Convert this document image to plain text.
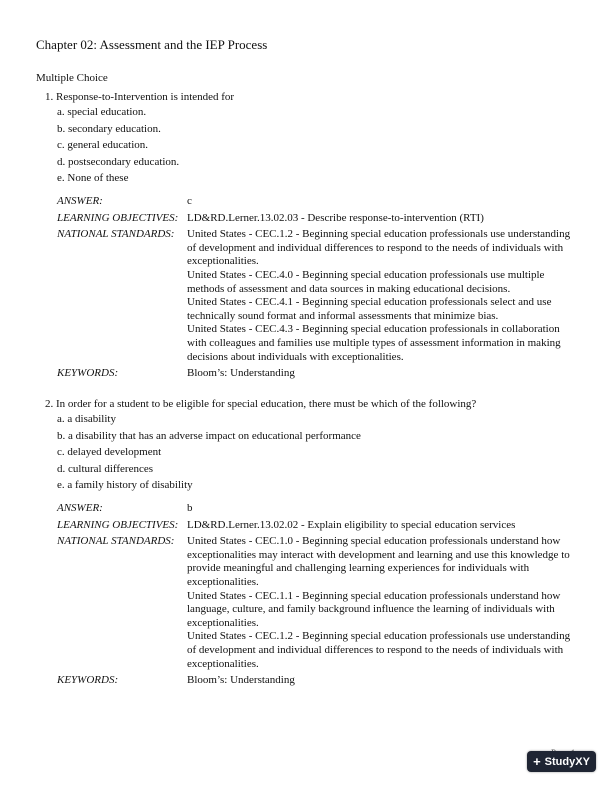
Chapter 02: Assessment and the IEP Process
Multiple Choice
1. Response-to-Intervention is intended for
a. special education.
b. secondary education.
c. general education.
d. postsecondary education.
e. None of these
ANSWER:	c
LEARNING OBJECTIVES: LD&RD.Lerner.13.02.03 - Describe response-to-intervention (RTI)
NATIONAL STANDARDS:	United States - CEC.1.2 - Beginning special education professionals use understanding of development and individual differences to respond to the needs of individuals with exceptionalities.
United States - CEC.4.0 - Beginning special education professionals use multiple methods of assessment and data sources in making educational decisions.
United States - CEC.4.1 - Beginning special education professionals select and use technically sound format and informal assessments that minimize bias.
United States - CEC.4.3 - Beginning special education professionals in collaboration with colleagues and families use multiple types of assessment information in making decisions about individuals with exceptionalities.
KEYWORDS:	Bloom’s: Understanding
2. In order for a student to be eligible for special education, there must be which of the following?
a. a disability
b. a disability that has an adverse impact on educational performance
c. delayed development
d. cultural differences
e. a family history of disability
ANSWER:	b
LEARNING OBJECTIVES: LD&RD.Lerner.13.02.02 - Explain eligibility to special education services
NATIONAL STANDARDS:	United States - CEC.1.0 - Beginning special education professionals understand how exceptionalities may interact with development and learning and use this knowledge to provide meaningful and challenging learning experiences for individuals with exceptionalities.
United States - CEC.1.1 - Beginning special education professionals understand how language, culture, and family background influence the learning of individuals with exceptionalities.
United States - CEC.1.2 - Beginning special education professionals use understanding of development and individual differences to respond to the needs of individuals with exceptionalities.
KEYWORDS:	Bloom’s: Understanding
+ StudyXY
